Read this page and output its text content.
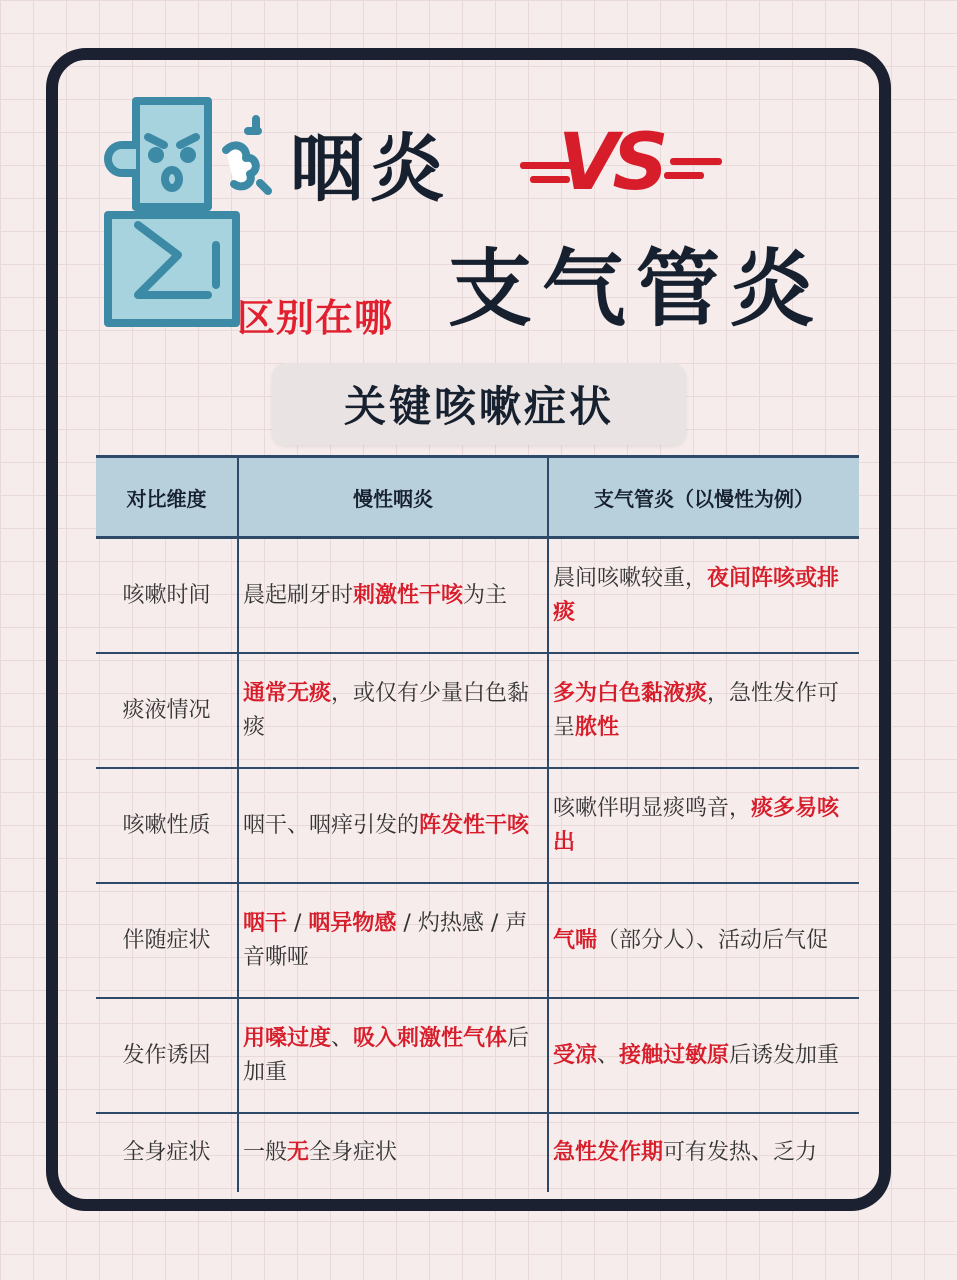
咽炎 VS
支气管炎
区别在哪
关键咳嗽症状
对比维度	慢性咽炎	支气管炎（以慢性为例）
咳嗽时间	晨起刷牙时刺激性干咳为主	晨间咳嗽较重，夜间阵咳或排痰
痰液情况	通常无痰，或仅有少量白色黏痰	多为白色黏液痰，急性发作可呈脓性
咳嗽性质	咽干、咽痒引发的阵发性干咳	咳嗽伴明显痰鸣音，痰多易咳出
伴随症状	咽干 / 咽异物感 / 灼热感 / 声音嘶哑	气喘（部分人）、活动后气促
发作诱因	用嗓过度、吸入刺激性气体后加重	受凉、接触过敏原后诱发加重
全身症状	一般无全身症状	急性发作期可有发热、乏力
